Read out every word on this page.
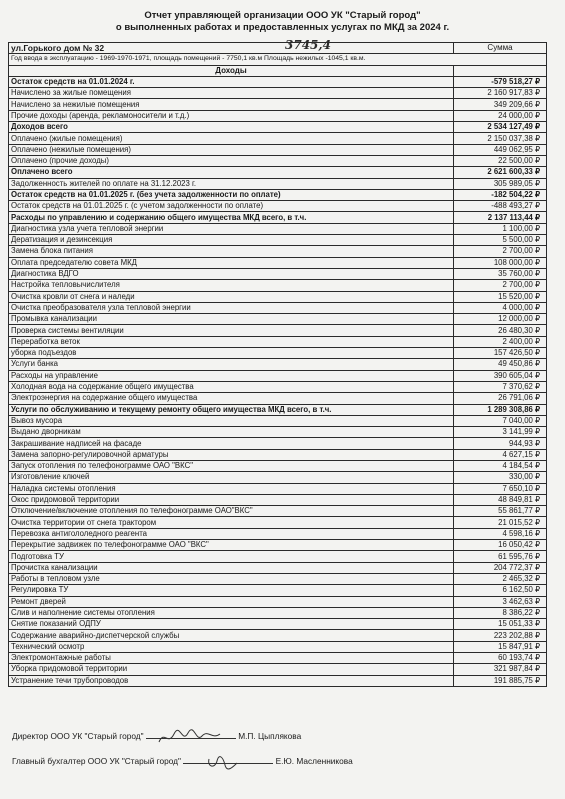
Отчет управляющей организации ООО УК "Старый город"
о выполненных работах и предоставленных услугах по МКД за 2024 г.
3745,4
ул.Горького дом № 32	Сумма
Год ввода в эксплуатацию - 1969-1970-1971, площадь помещений - 7750,1 кв.м Площадь нежилых -1045,1 кв.м.	
Доходы	
Остаток средств на 01.01.2024 г.	-579 518,27 ₽
Начислено за жилые помещения	2 160 917,83 ₽
Начислено за нежилые помещения	349 209,66 ₽
Прочие доходы (аренда, рекламоносители и т.д.)	24 000,00 ₽
Доходов всего	2 534 127,49 ₽
Оплачено (жилые помещения)	2 150 037,38 ₽
Оплачено (нежилые помещения)	449 062,95 ₽
Оплачено (прочие доходы)	22 500,00 ₽
Оплачено всего	2 621 600,33 ₽
Задолженность жителей по оплате на 31.12.2023 г.	305 989,05 ₽
Остаток средств на 01.01.2025 г. (без учета задолженности по оплате)	-182 504,22 ₽
Остаток средств на 01.01.2025 г. (с учетом задолженности по оплате)	-488 493,27 ₽
Расходы по управлению и содержанию общего имущества МКД всего, в т.ч.	2 137 113,44 ₽
Диагностика узла учета тепловой энергии	1 100,00 ₽
Дератизация и дезинсекция	5 500,00 ₽
Замена блока питания	2 700,00 ₽
Оплата председателю совета МКД	108 000,00 ₽
Диагностика ВДГО	35 760,00 ₽
Настройка тепловычислителя	2 700,00 ₽
Очистка кровли от снега и наледи	15 520,00 ₽
Очистка преобразователя узла тепловой энергии	4 000,00 ₽
Промывка канализации	12 000,00 ₽
Проверка системы вентиляции	26 480,30 ₽
Переработка веток	2 400,00 ₽
уборка подъездов	157 426,50 ₽
Услуги банка	49 450,86 ₽
Расходы на управление	390 605,04 ₽
Холодная вода на содержание общего имущества	7 370,62 ₽
Электроэнергия на содержание общего имущества	26 791,06 ₽
Услуги по обслуживанию и текущему ремонту общего имущества МКД всего, в т.ч.	1 289 308,86 ₽
Вывоз мусора	7 040,00 ₽
Выдано дворникам	3 141,99 ₽
Закрашивание надписей на фасаде	944,93 ₽
Замена запорно-регулировочной арматуры	4 627,15 ₽
Запуск отопления по телефонограмме ОАО "ВКС"	4 184,54 ₽
Изготовление ключей	330,00 ₽
Наладка системы отопления	7 650,10 ₽
Окос придомовой территории	48 849,81 ₽
Отключение/включение отопления по телефонограмме ОАО"ВКС"	55 861,77 ₽
Очистка территории от снега трактором	21 015,52 ₽
Перевозка антигололедного реагента	4 598,16 ₽
Перекрытие задвижек по телефонограмме ОАО "ВКС"	16 050,42 ₽
Подготовка ТУ	61 595,76 ₽
Прочистка канализации	204 772,37 ₽
Работы в тепловом узле	2 465,32 ₽
Регулировка ТУ	6 162,50 ₽
Ремонт дверей	3 462,63 ₽
Слив и наполнение системы отопления	8 386,22 ₽
Снятие показаний ОДПУ	15 051,33 ₽
Содержание аварийно-диспетчерской службы	223 202,88 ₽
Технический осмотр	15 847,91 ₽
Электромонтажные работы	60 193,74 ₽
Уборка придомовой территории	321 987,84 ₽
Устранение течи трубопроводов	191 885,75 ₽
Директор ООО УК "Старый город"	М.П. Цыплякова
Главный бухгалтер ООО УК "Старый город"	Е.Ю. Масленникова
